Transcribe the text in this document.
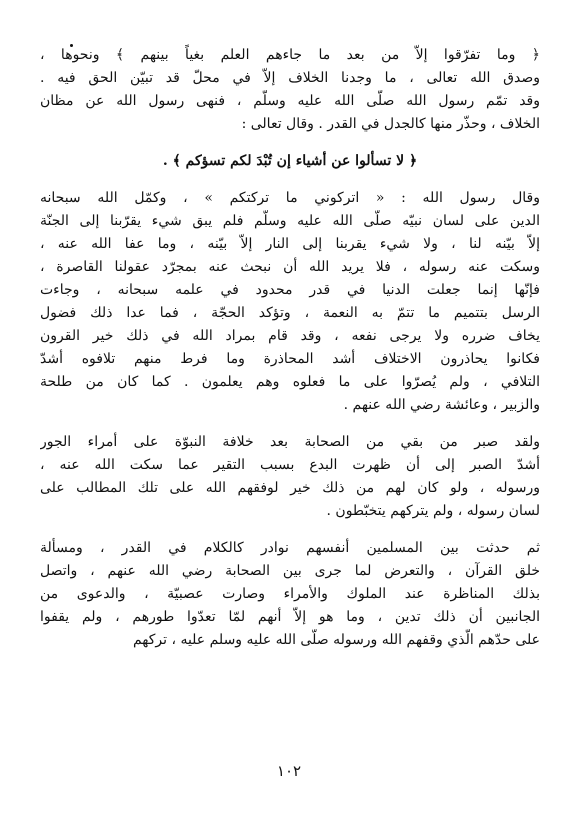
﴿ وما تفرّقوا إلاّ من بعد ما جاءهم العلم بغياً بينهم ﴾ ونحوها ،
وصدق الله تعالى ، ما وجدنا الخلاف إلاّ في محلّ قد تبيّن الحق فيه .
وقد تمّم رسول الله صلّى الله عليه وسلّم ، فنهى رسول الله عن مظان
الخلاف ، وحذّر منها كالجدل في القدر . وقال تعالى :
﴿ لا تسألوا عن أشياء إن تُبْدَ لكم تسؤكم ﴾ .
وقال رسول الله : « اتركوني ما تركتكم » ، وكمّل الله سبحانه
الدين على لسان نبيّه صلّى الله عليه وسلّم فلم يبق شيء يقرّبنا إلى الجنّة
إلاّ بيّنه لنا ، ولا شيء يقربنا إلى النار إلاّ بيّنه ، وما عفا الله عنه ،
وسكت عنه رسوله ، فلا يريد الله أن نبحث عنه بمجرّد عقولنا القاصرة ،
فإنّها إنما جعلت الدنيا في قدر محدود في علمه سبحانه ، وجاءت
الرسل بتتميم ما تتمّ به النعمة ، وتؤكد الحجّة ، فما عدا ذلك فضول
يخاف ضرره ولا يرجى نفعه ، وقد قام بمراد الله في ذلك خير القرون
فكانوا يحاذرون الاختلاف أشد المحاذرة وما فرط منهم تلافوه أشدّ
التلافي ، ولم يُصرّوا على ما فعلوه وهم يعلمون . كما كان من طلحة
والزبير ، وعائشة رضي الله عنهم .
ولقد صبر من بقي من الصحابة بعد خلافة النبوّة على أمراء الجور
أشدّ الصبر إلى أن ظهرت البدع بسبب التقير عما سكت الله عنه ،
ورسوله ، ولو كان لهم من ذلك خير لوفقهم الله على تلك المطالب على
لسان رسوله ، ولم يتركهم يتخبّطون .
ثم حدثت بين المسلمين أنفسهم نوادر كالكلام في القدر ، ومسألة
خلق القرآن ، والتعرض لما جرى بين الصحابة رضي الله عنهم ، واتصل
بذلك المناظرة عند الملوك والأمراء وصارت عصبيّة ، والدعوى من
الجانبين أن ذلك تدين ، وما هو إلاّ أنهم لمّا تعدّوا طورهم ، ولم يقفوا
على حدّهم الّذي وقفهم الله ورسوله صلّى الله عليه وسلم عليه ، تركهم
١٠٢
